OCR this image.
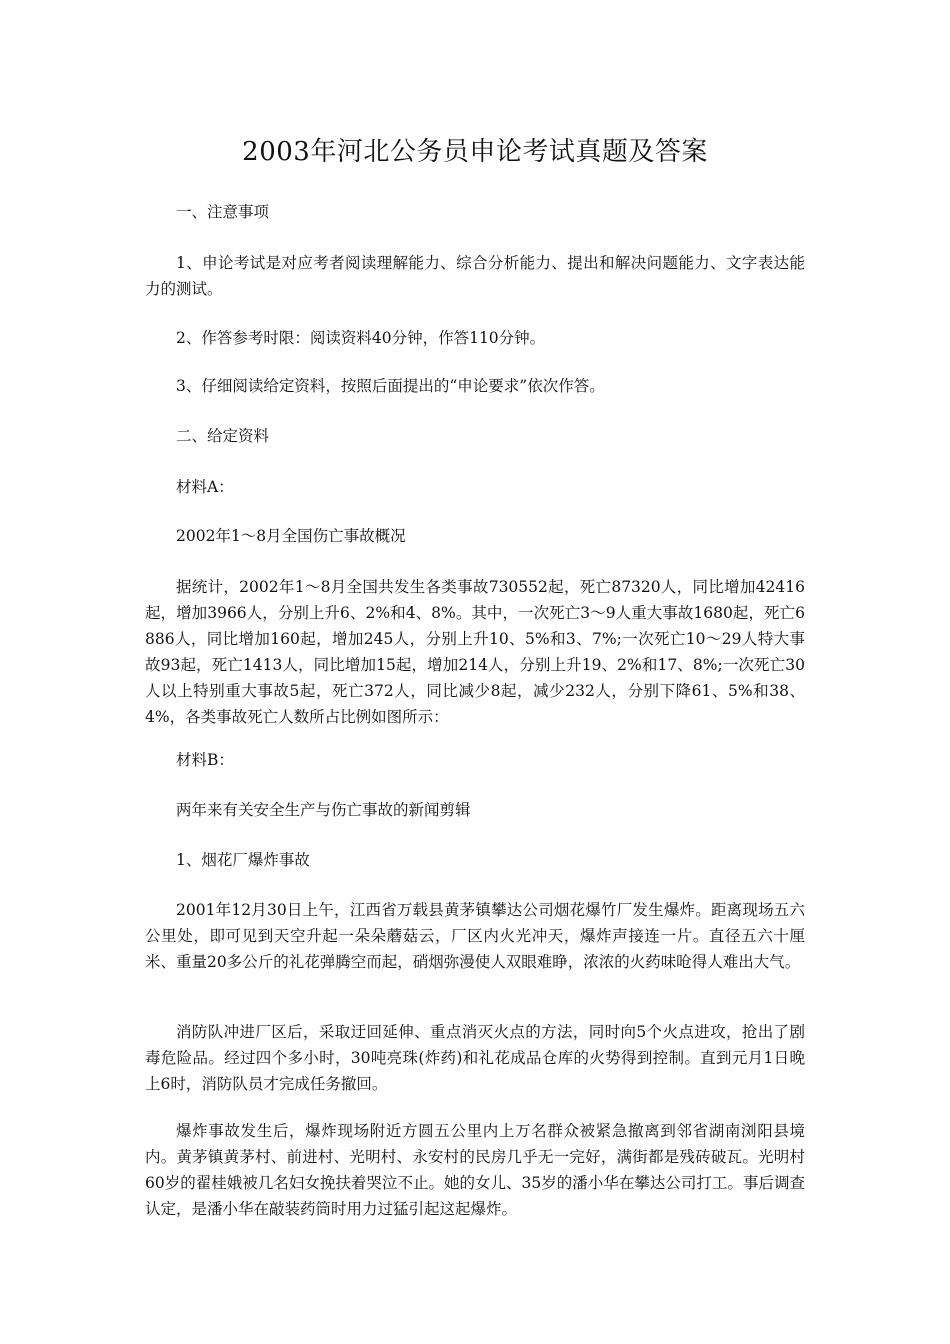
2003年河北公务员申论考试真题及答案

一、注意事项

1、申论考试是对应考者阅读理解能力、综合分析能力、提出和解决问题能力、文字表达能力的测试。

2、作答参考时限：阅读资料40分钟，作答110分钟。

3、仔细阅读给定资料，按照后面提出的“申论要求”依次作答。

二、给定资料

材料A：

2002年1～8月全国伤亡事故概况

据统计，2002年1～8月全国共发生各类事故730552起，死亡87320人，同比增加42416起，增加3966人，分别上升6、2%和4、8%。其中，一次死亡3～9人重大事故1680起，死亡6886人，同比增加160起，增加245人，分别上升10、5%和3、7%;一次死亡10～29人特大事故93起，死亡1413人，同比增加15起，增加214人，分别上升19、2%和17、8%;一次死亡30人以上特别重大事故5起，死亡372人，同比减少8起，减少232人，分别下降61、5%和38、4%，各类事故死亡人数所占比例如图所示：

材料B：

两年来有关安全生产与伤亡事故的新闻剪辑

1、烟花厂爆炸事故

2001年12月30日上午，江西省万载县黄茅镇攀达公司烟花爆竹厂发生爆炸。距离现场五六公里处，即可见到天空升起一朵朵蘑菇云，厂区内火光冲天，爆炸声接连一片。直径五六十厘米、重量20多公斤的礼花弹腾空而起，硝烟弥漫使人双眼难睁，浓浓的火药味呛得人难出大气。

消防队冲进厂区后，采取迂回延伸、重点消灭火点的方法，同时向5个火点进攻，抢出了剧毒危险品。经过四个多小时，30吨亮珠(炸药)和礼花成品仓库的火势得到控制。直到元月1日晚上6时，消防队员才完成任务撤回。

爆炸事故发生后，爆炸现场附近方圆五公里内上万名群众被紧急撤离到邻省湖南浏阳县境内。黄茅镇黄茅村、前进村、光明村、永安村的民房几乎无一完好，满街都是残砖破瓦。光明村60岁的翟桂娥被几名妇女挽扶着哭泣不止。她的女儿、35岁的潘小华在攀达公司打工。事后调查认定，是潘小华在敲装药筒时用力过猛引起这起爆炸。
